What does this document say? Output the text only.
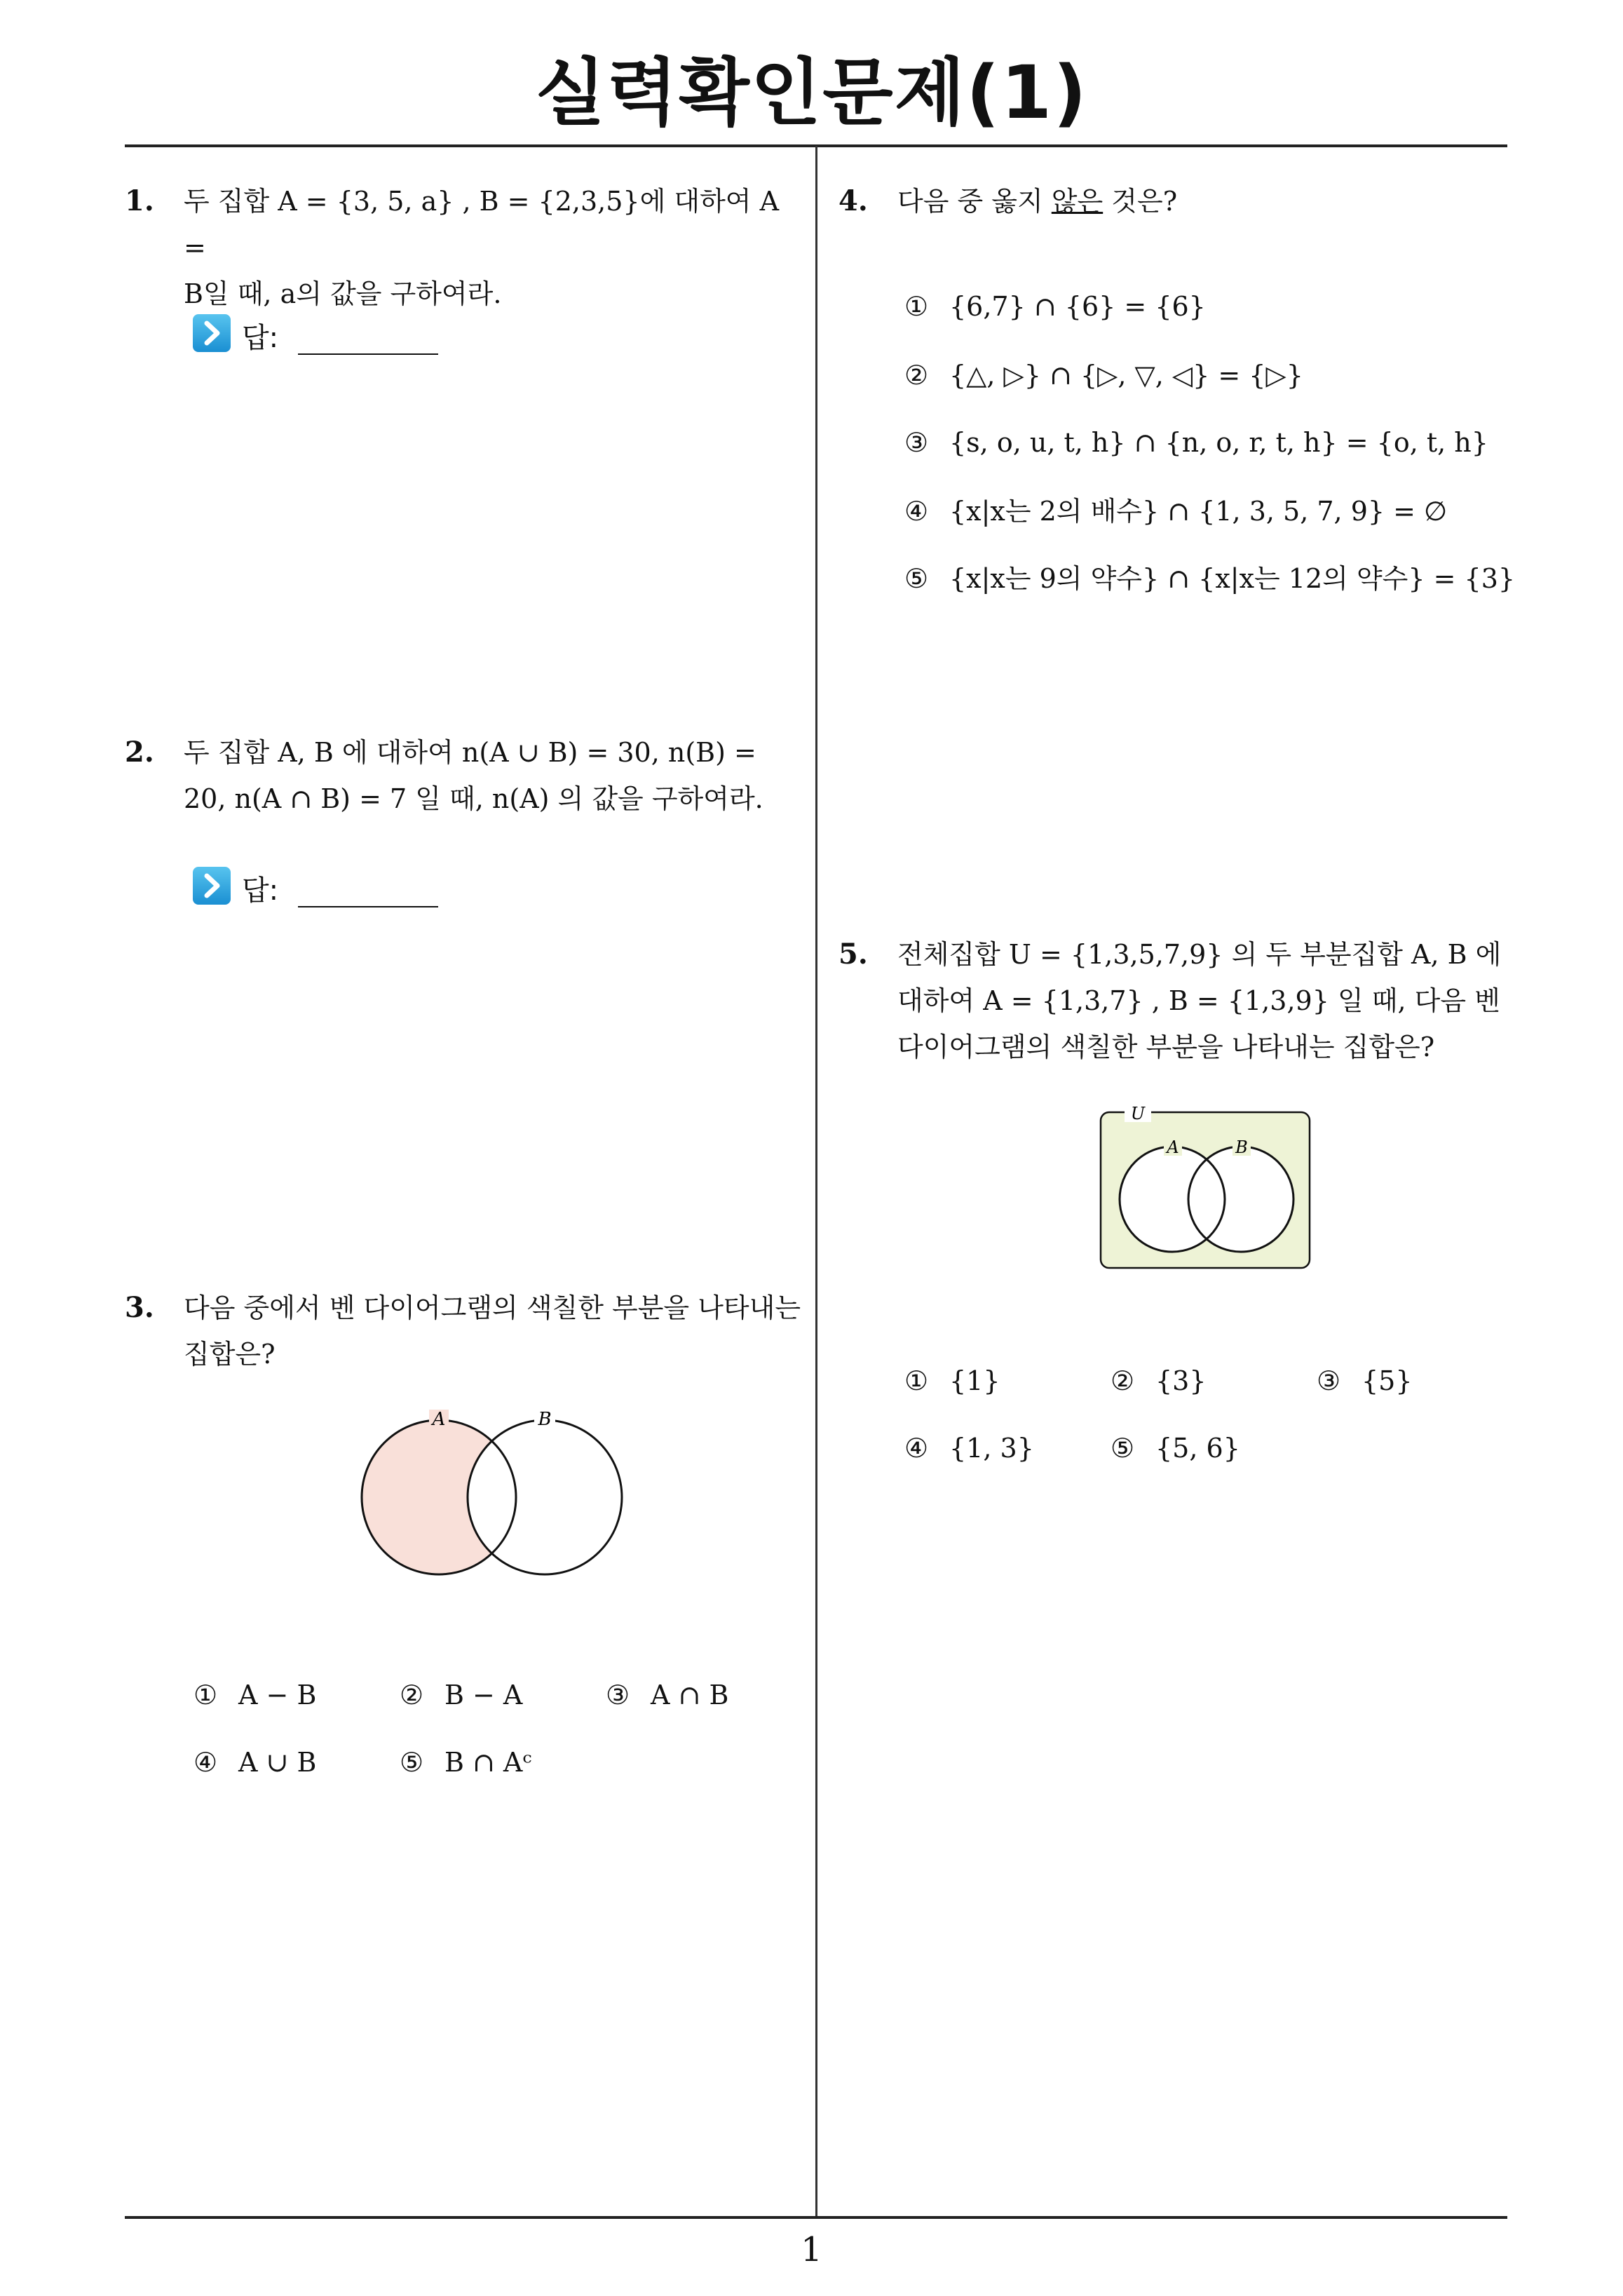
실력확인문제(1)
1. 두 집합 A = {3, 5, a} , B = {2,3,5}에 대하여 A =
B일 때, a의 값을 구하여라.
답:
2. 두 집합 A, B 에 대하여 n(A ∪ B) = 30, n(B) =
20, n(A ∩ B) = 7 일 때, n(A) 의 값을 구하여라.
답:
3. 다음 중에서 벤 다이어그램의 색칠한 부분을 나타내는
집합은?
A	B
① A − B	② B − A	③ A ∩ B
④ A ∪ B	⑤ B ∩ Aᶜ
4. 다음 중 옳지 않은 것은?
① {6,7} ∩ {6} = {6}
② {△, ▷} ∩ {▷, ▽, ◁} = {▷}
③ {s, o, u, t, h} ∩ {n, o, r, t, h} = {o, t, h}
④ {x|x는 2의 배수} ∩ {1, 3, 5, 7, 9} = ∅
⑤ {x|x는 9의 약수} ∩ {x|x는 12의 약수} = {3}
5. 전체집합 U = {1,3,5,7,9} 의 두 부분집합 A, B 에
대하여 A = {1,3,7} , B = {1,3,9} 일 때, 다음 벤
다이어그램의 색칠한 부분을 나타내는 집합은?
U
A	B
① {1}	② {3}	③ {5}
④ {1, 3}	⑤ {5, 6}
1
